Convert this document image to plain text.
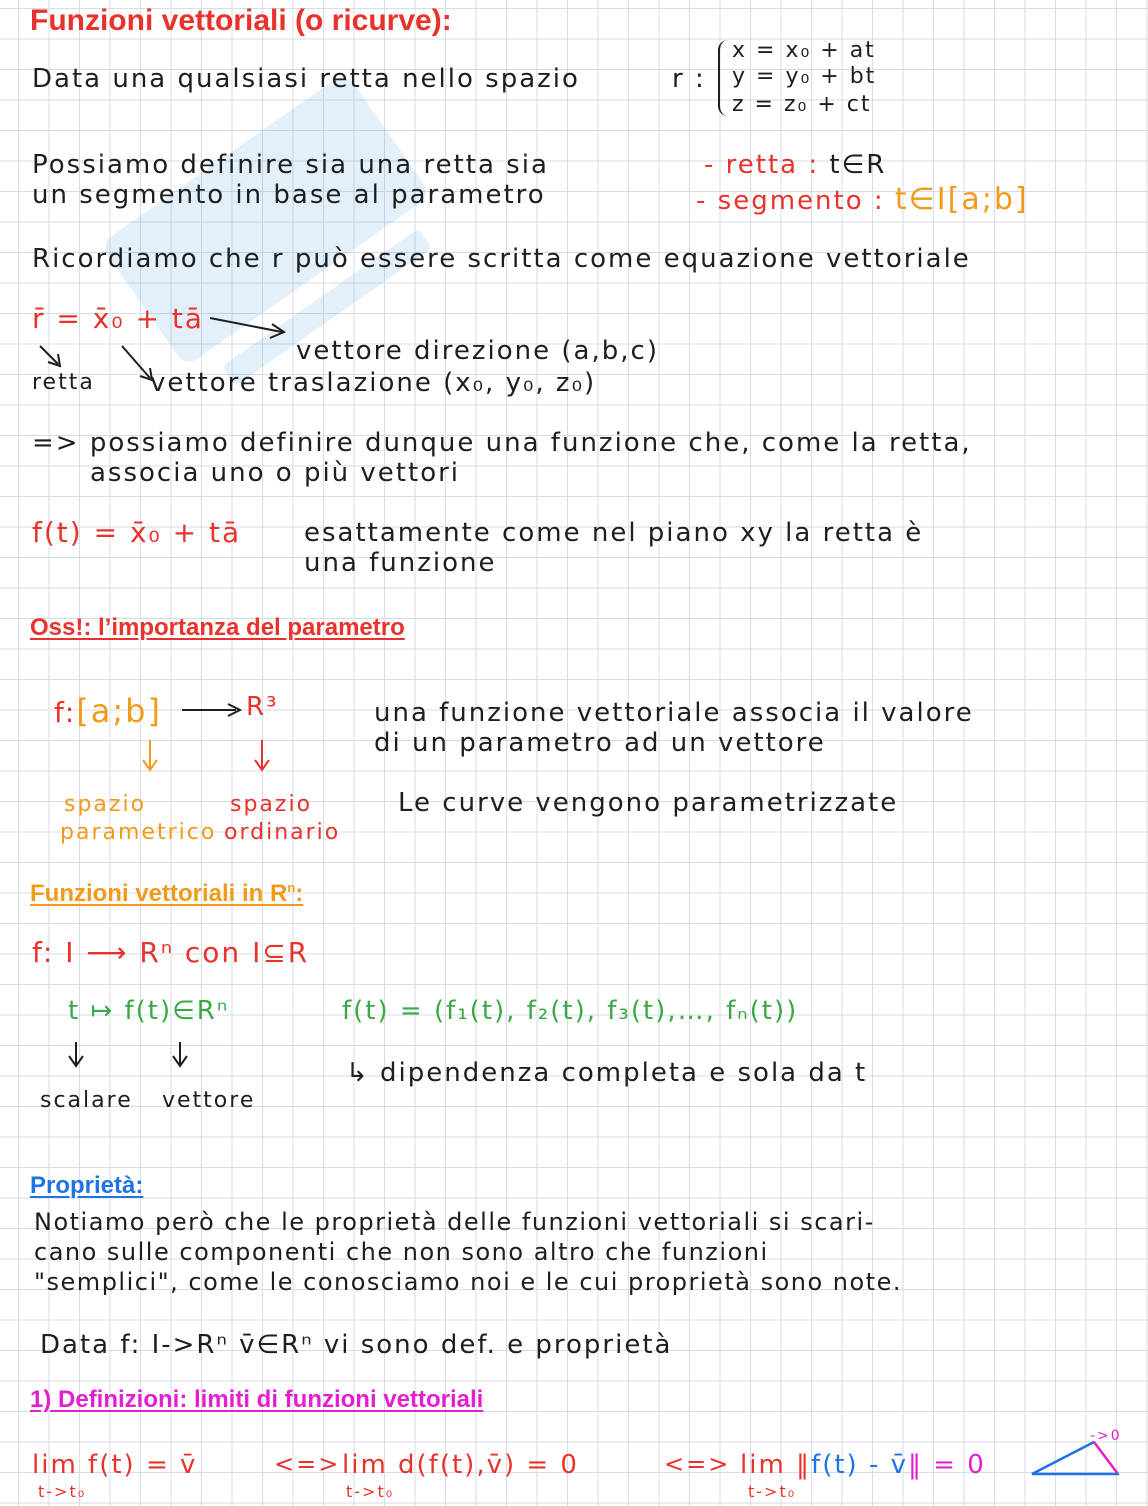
Funzioni vettoriali (o ricurve):
Data una qualsiasi retta nello spazio	r :
x = x₀ + at
y = y₀ + bt
z = z₀ + ct
Possiamo definire sia una retta sia
un segmento in base al parametro
- retta : t∈R
- segmento : t∈I[a;b]
Ricordiamo che r può essere scritta come equazione vettoriale
r̄ = x̄₀ + tā
vettore direzione (a,b,c)
retta vettore traslazione (x₀, y₀, z₀)
=> possiamo definire dunque una funzione che, come la retta,
associa uno o più vettori
f(t) = x̄₀ + tā esattamente come nel piano xy la retta è
una funzione
Oss!: l’importanza del parametro
f:[a;b]	R³	una funzione vettoriale associa il valore
di un parametro ad un vettore
spazio
parametrico
spazio
ordinario
Le curve vengono parametrizzate
Funzioni vettoriali in $R^n$:
f: I ⟶ Rⁿ con I⊆R
t ↦ f(t)∈Rⁿ	f(t) = (f₁(t), f₂(t), f₃(t),…, fₙ(t))
↳ dipendenza completa e sola da t
scalare vettore
Proprietà:
Notiamo però che le proprietà delle funzioni vettoriali si scari-
cano sulle componenti che non sono altro che funzioni
"semplici", come le conosciamo noi e le cui proprietà sono note.
Data f: I->Rⁿ v̄∈Rⁿ vi sono def. e proprietà
1) Definizioni: limiti di funzioni vettoriali
lim f(t) = v̄
t->t₀
<=> lim d(f(t),v̄) = 0
t->t₀
<=> lim ‖f(t) - v̄‖ = 0
t->t₀
->0
